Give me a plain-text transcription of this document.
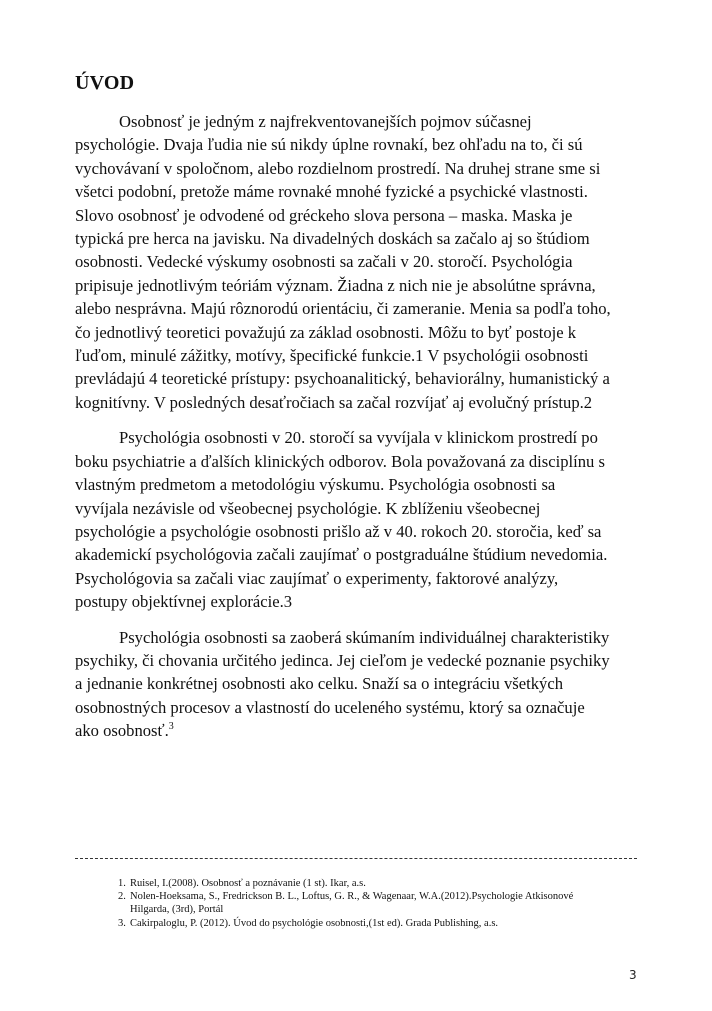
ÚVOD

Osobnosť je jedným z najfrekventovanejších pojmov súčasnej
psychológie. Dvaja ľudia nie sú nikdy úplne rovnakí, bez ohľadu na to, či sú
vychovávaní v spoločnom, alebo rozdielnom prostredí. Na druhej strane sme si
všetci podobní, pretože máme rovnaké mnohé fyzické a psychické vlastnosti.
Slovo osobnosť je odvodené od gréckeho slova persona – maska. Maska je
typická pre herca na javisku. Na divadelných doskách sa začalo aj so štúdiom
osobnosti. Vedecké výskumy osobnosti sa začali v 20. storočí. Psychológia
pripisuje jednotlivým teóriám význam. Žiadna z nich nie je absolútne správna,
alebo nesprávna. Majú rôznorodú orientáciu, či zameranie. Menia sa podľa toho,
čo jednotlivý teoretici považujú za základ osobnosti. Môžu to byť postoje k
ľuďom, minulé zážitky, motívy, špecifické funkcie.1 V psychológii osobnosti
prevládajú 4 teoretické prístupy: psychoanalitický, behaviorálny, humanistický a
kognitívny. V posledných desaťročiach sa začal rozvíjať aj evolučný prístup.2

Psychológia osobnosti v 20. storočí sa vyvíjala v klinickom prostredí po
boku psychiatrie a ďalších klinických odborov. Bola považovaná za disciplínu s
vlastným predmetom a metodológiu výskumu. Psychológia osobnosti sa
vyvíjala nezávisle od všeobecnej psychológie. K zblíženiu všeobecnej
psychológie a psychológie osobnosti prišlo až v 40. rokoch 20. storočia, keď sa
akademickí psychológovia začali zaujímať o postgraduálne štúdium nevedomia.
Psychológovia sa začali viac zaujímať o experimenty, faktorové analýzy,
postupy objektívnej explorácie.3

Psychológia osobnosti sa zaoberá skúmaním individuálnej charakteristiky
psychiky, či chovania určitého jedinca. Jej cieľom je vedecké poznanie psychiky
a jednanie konkrétnej osobnosti ako celku. Snaží sa o integráciu všetkých
osobnostných procesov a vlastností do uceleného systému, ktorý sa označuje
ako osobnosť.$^3$

1. Ruisel, I.(2008). Osobnosť a poznávanie (1 st). Ikar, a.s.
2. Nolen-Hoeksama, S., Fredrickson B. L., Loftus, G. R., & Wagenaar, W.A.(2012).Psychologie Atkisonové
Hilgarda, (3rd), Portál
3. Cakirpaloglu, P. (2012). Úvod do psychológie osobnosti,(1st ed). Grada Publishing, a.s.
3
